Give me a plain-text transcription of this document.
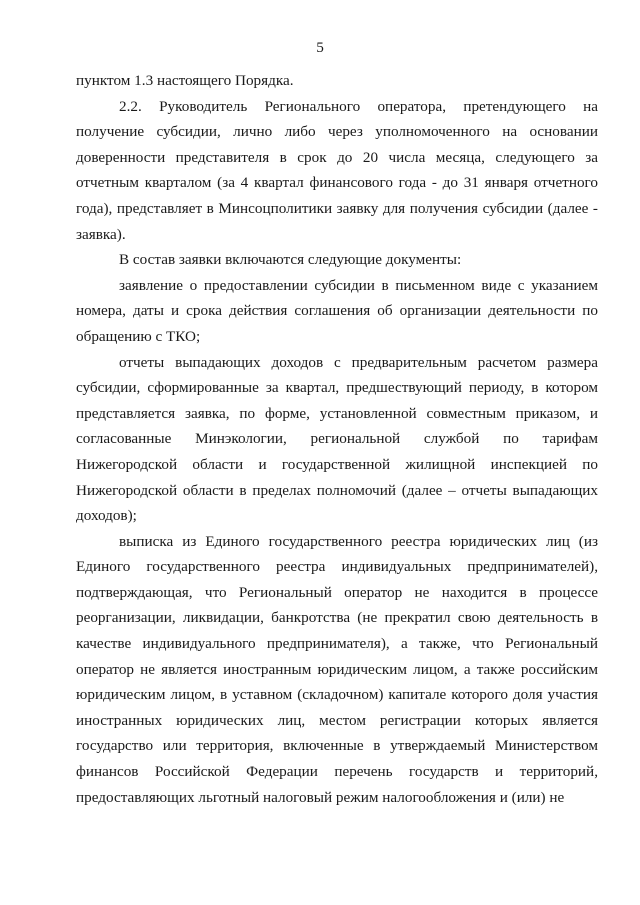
5

пунктом 1.3 настоящего Порядка.

2.2. Руководитель Регионального оператора, претендующего на получение субсидии, лично либо через уполномоченного на основании доверенности представителя в срок до 20 числа месяца, следующего за отчетным кварталом (за 4 квартал финансового года - до 31 января отчетного года), представляет в Минсоцполитики заявку для получения субсидии (далее - заявка).

В состав заявки включаются следующие документы:

заявление о предоставлении субсидии в письменном виде с указанием номера, даты и срока действия соглашения об организации деятельности по обращению с ТКО;

отчеты выпадающих доходов с предварительным расчетом размера субсидии, сформированные за квартал, предшествующий периоду, в котором представляется заявка, по форме, установленной совместным приказом, и согласованные Минэкологии, региональной службой по тарифам Нижегородской области и государственной жилищной инспекцией по Нижегородской области в пределах полномочий (далее – отчеты выпадающих доходов);

выписка из Единого государственного реестра юридических лиц (из Единого государственного реестра индивидуальных предпринимателей), подтверждающая, что Региональный оператор не находится в процессе реорганизации, ликвидации, банкротства (не прекратил свою деятельность в качестве индивидуального предпринимателя), а также, что Региональный оператор не является иностранным юридическим лицом, а также российским юридическим лицом, в уставном (складочном) капитале которого доля участия иностранных юридических лиц, местом регистрации которых является государство или территория, включенные в утверждаемый Министерством финансов Российской Федерации перечень государств и территорий, предоставляющих льготный налоговый режим налогообложения и (или) не
